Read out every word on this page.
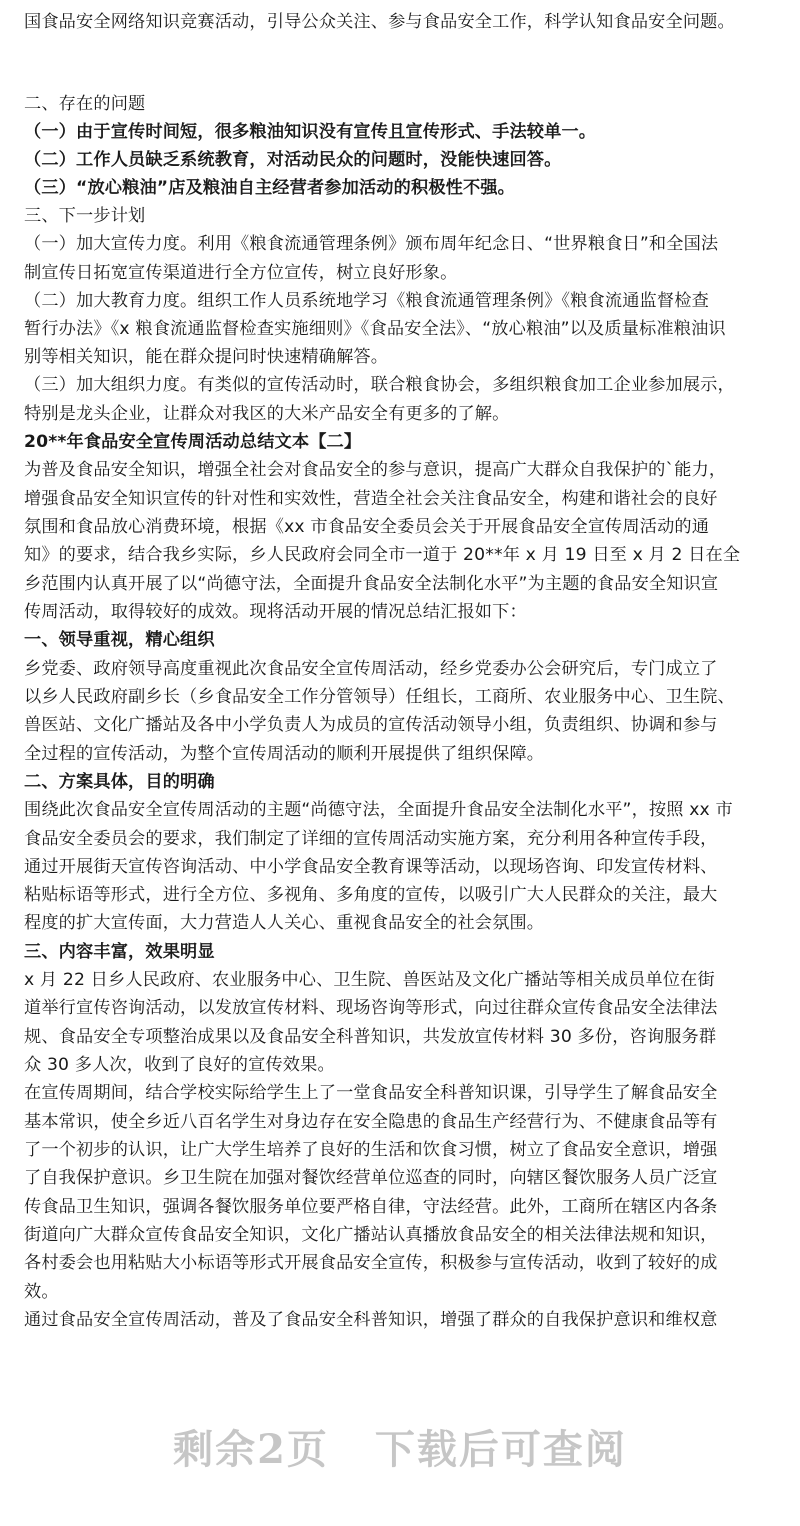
国食品安全网络知识竞赛活动，引导公众关注、参与食品安全工作，科学认知食品安全问题。
二、存在的问题
（一）由于宣传时间短，很多粮油知识没有宣传且宣传形式、手法较单一。
（二）工作人员缺乏系统教育，对活动民众的问题时，没能快速回答。
（三）“放心粮油”店及粮油自主经营者参加活动的积极性不强。
三、下一步计划
（一）加大宣传力度。利用《粮食流通管理条例》颁布周年纪念日、“世界粮食日”和全国法
制宣传日拓宽宣传渠道进行全方位宣传，树立良好形象。
（二）加大教育力度。组织工作人员系统地学习《粮食流通管理条例》《粮食流通监督检查
暂行办法》《x 粮食流通监督检查实施细则》《食品安全法》、“放心粮油”以及质量标准粮油识
别等相关知识，能在群众提问时快速精确解答。
（三）加大组织力度。有类似的宣传活动时，联合粮食协会，多组织粮食加工企业参加展示，
特别是龙头企业，让群众对我区的大米产品安全有更多的了解。
20**年食品安全宣传周活动总结文本【二】
为普及食品安全知识，增强全社会对食品安全的参与意识，提高广大群众自我保护的`能力，
增强食品安全知识宣传的针对性和实效性，营造全社会关注食品安全，构建和谐社会的良好
氛围和食品放心消费环境，根据《xx 市食品安全委员会关于开展食品安全宣传周活动的通
知》的要求，结合我乡实际，乡人民政府会同全市一道于 20**年 x 月 19 日至 x 月 2 日在全
乡范围内认真开展了以“尚德守法，全面提升食品安全法制化水平”为主题的食品安全知识宣
传周活动，取得较好的成效。现将活动开展的情况总结汇报如下：
一、领导重视，精心组织
乡党委、政府领导高度重视此次食品安全宣传周活动，经乡党委办公会研究后，专门成立了
以乡人民政府副乡长（乡食品安全工作分管领导）任组长，工商所、农业服务中心、卫生院、
兽医站、文化广播站及各中小学负责人为成员的宣传活动领导小组，负责组织、协调和参与
全过程的宣传活动，为整个宣传周活动的顺利开展提供了组织保障。
二、方案具体，目的明确
围绕此次食品安全宣传周活动的主题“尚德守法，全面提升食品安全法制化水平”，按照 xx 市
食品安全委员会的要求，我们制定了详细的宣传周活动实施方案，充分利用各种宣传手段，
通过开展街天宣传咨询活动、中小学食品安全教育课等活动，以现场咨询、印发宣传材料、
粘贴标语等形式，进行全方位、多视角、多角度的宣传，以吸引广大人民群众的关注，最大
程度的扩大宣传面，大力营造人人关心、重视食品安全的社会氛围。
三、内容丰富，效果明显
x 月 22 日乡人民政府、农业服务中心、卫生院、兽医站及文化广播站等相关成员单位在街
道举行宣传咨询活动，以发放宣传材料、现场咨询等形式，向过往群众宣传食品安全法律法
规、食品安全专项整治成果以及食品安全科普知识，共发放宣传材料 30 多份，咨询服务群
众 30 多人次，收到了良好的宣传效果。
在宣传周期间，结合学校实际给学生上了一堂食品安全科普知识课，引导学生了解食品安全
基本常识，使全乡近八百名学生对身边存在安全隐患的食品生产经营行为、不健康食品等有
了一个初步的认识，让广大学生培养了良好的生活和饮食习惯，树立了食品安全意识，增强
了自我保护意识。乡卫生院在加强对餐饮经营单位巡查的同时，向辖区餐饮服务人员广泛宣
传食品卫生知识，强调各餐饮服务单位要严格自律，守法经营。此外，工商所在辖区内各条
街道向广大群众宣传食品安全知识，文化广播站认真播放食品安全的相关法律法规和知识，
各村委会也用粘贴大小标语等形式开展食品安全宣传，积极参与宣传活动，收到了较好的成
效。
通过食品安全宣传周活动，普及了食品安全科普知识，增强了群众的自我保护意识和维权意
剩余2页 下载后可查阅
